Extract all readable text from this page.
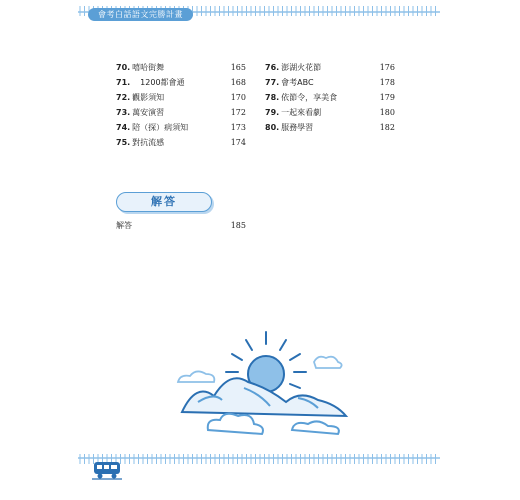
會考白話語文完勝計畫
70. 嘻哈街舞	165
71.　1200都會通	168
72. 觀影須知	170
73. 萬安演習	172
74. 陪（探）病須知	173
75. 對抗流感	174
76. 澎湖火花節	176
77. 會考ABC	178
78. 依節令，享美食	179
79. 一起來看劇	180
80. 服務學習	182
解答
解答	185
